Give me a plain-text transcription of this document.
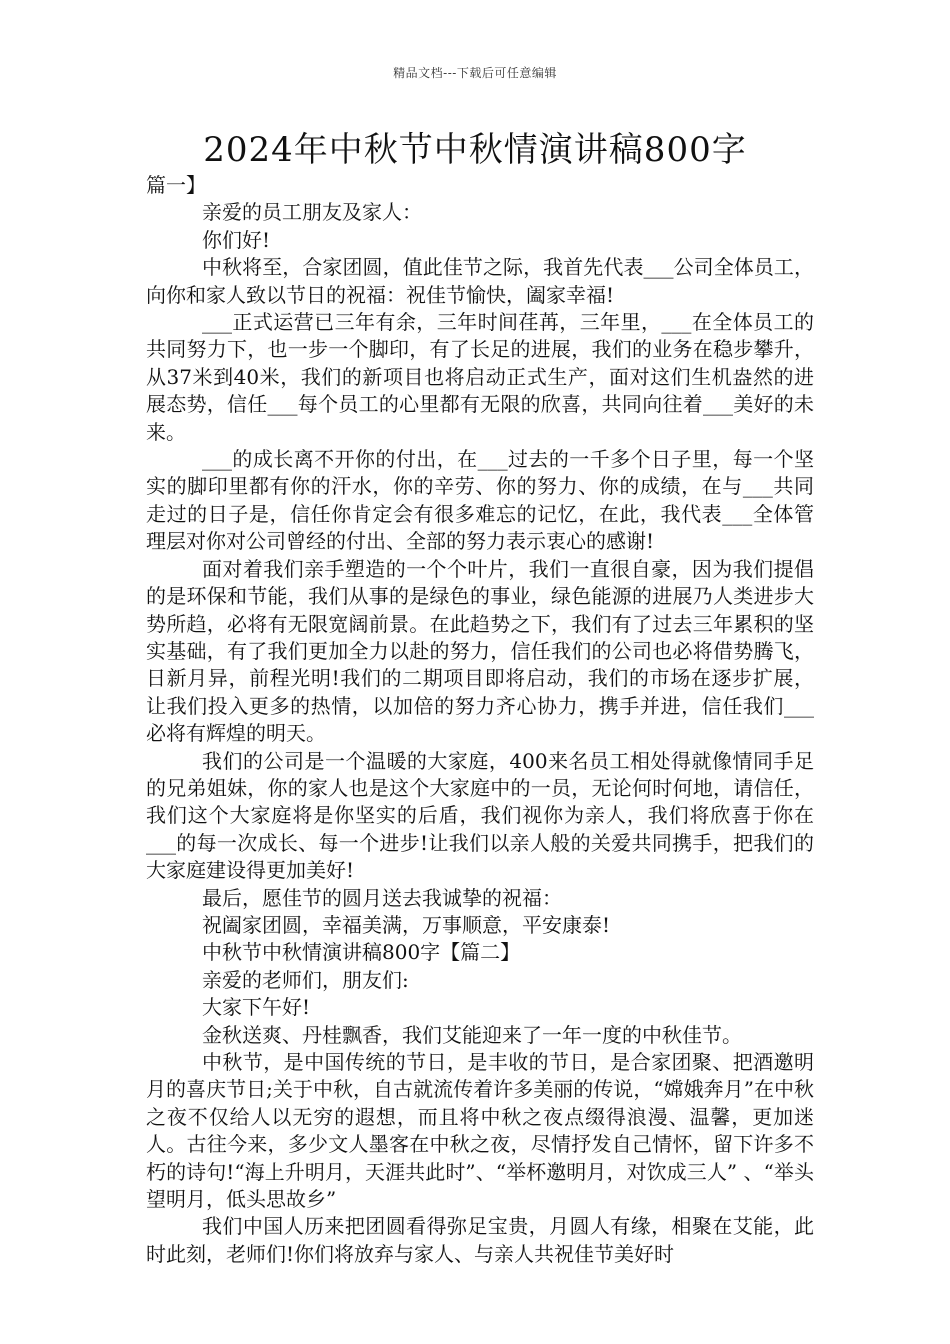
精品文档---下载后可任意编辑
2024年中秋节中秋情演讲稿800字
篇一】

亲爱的员工朋友及家人：

你们好!

中秋将至，合家团圆，值此佳节之际，我首先代表___公司全体员工，向你和家人致以节日的祝福：祝佳节愉快，阖家幸福!

___正式运营已三年有余，三年时间荏苒，三年里，___在全体员工的共同努力下，也一步一个脚印，有了长足的进展，我们的业务在稳步攀升，从37米到40米，我们的新项目也将启动正式生产，面对这们生机盎然的进展态势，信任___每个员工的心里都有无限的欣喜，共同向往着___美好的未来。

___的成长离不开你的付出，在___过去的一千多个日子里，每一个坚实的脚印里都有你的汗水，你的辛劳、你的努力、你的成绩，在与___共同走过的日子是，信任你肯定会有很多难忘的记忆，在此，我代表___全体管理层对你对公司曾经的付出、全部的努力表示衷心的感谢!

面对着我们亲手塑造的一个个叶片，我们一直很自豪，因为我们提倡的是环保和节能，我们从事的是绿色的事业，绿色能源的进展乃人类进步大势所趋，必将有无限宽阔前景。在此趋势之下，我们有了过去三年累积的坚实基础，有了我们更加全力以赴的努力，信任我们的公司也必将借势腾飞，日新月异，前程光明!我们的二期项目即将启动，我们的市场在逐步扩展，让我们投入更多的热情，以加倍的努力齐心协力，携手并进，信任我们___必将有辉煌的明天。

我们的公司是一个温暖的大家庭，400来名员工相处得就像情同手足的兄弟姐妹，你的家人也是这个大家庭中的一员，无论何时何地，请信任，我们这个大家庭将是你坚实的后盾，我们视你为亲人，我们将欣喜于你在___的每一次成长、每一个进步!让我们以亲人般的关爱共同携手，把我们的大家庭建设得更加美好!

最后，愿佳节的圆月送去我诚挚的祝福：

祝阖家团圆，幸福美满，万事顺意，平安康泰!

中秋节中秋情演讲稿800字【篇二】

亲爱的老师们，朋友们:

大家下午好!

金秋送爽、丹桂飘香，我们艾能迎来了一年一度的中秋佳节。

中秋节，是中国传统的节日，是丰收的节日，是合家团聚、把酒邀明月的喜庆节日;关于中秋，自古就流传着许多美丽的传说，“嫦娥奔月”在中秋之夜不仅给人以无穷的遐想，而且将中秋之夜点缀得浪漫、温馨，更加迷人。古往今来，多少文人墨客在中秋之夜，尽情抒发自己情怀，留下许多不朽的诗句!“海上升明月，天涯共此时”、“举杯邀明月，对饮成三人” 、“举头望明月，低头思故乡”

我们中国人历来把团圆看得弥足宝贵，月圆人有缘，相聚在艾能，此时此刻，老师们!你们将放弃与家人、与亲人共祝佳节美好时
